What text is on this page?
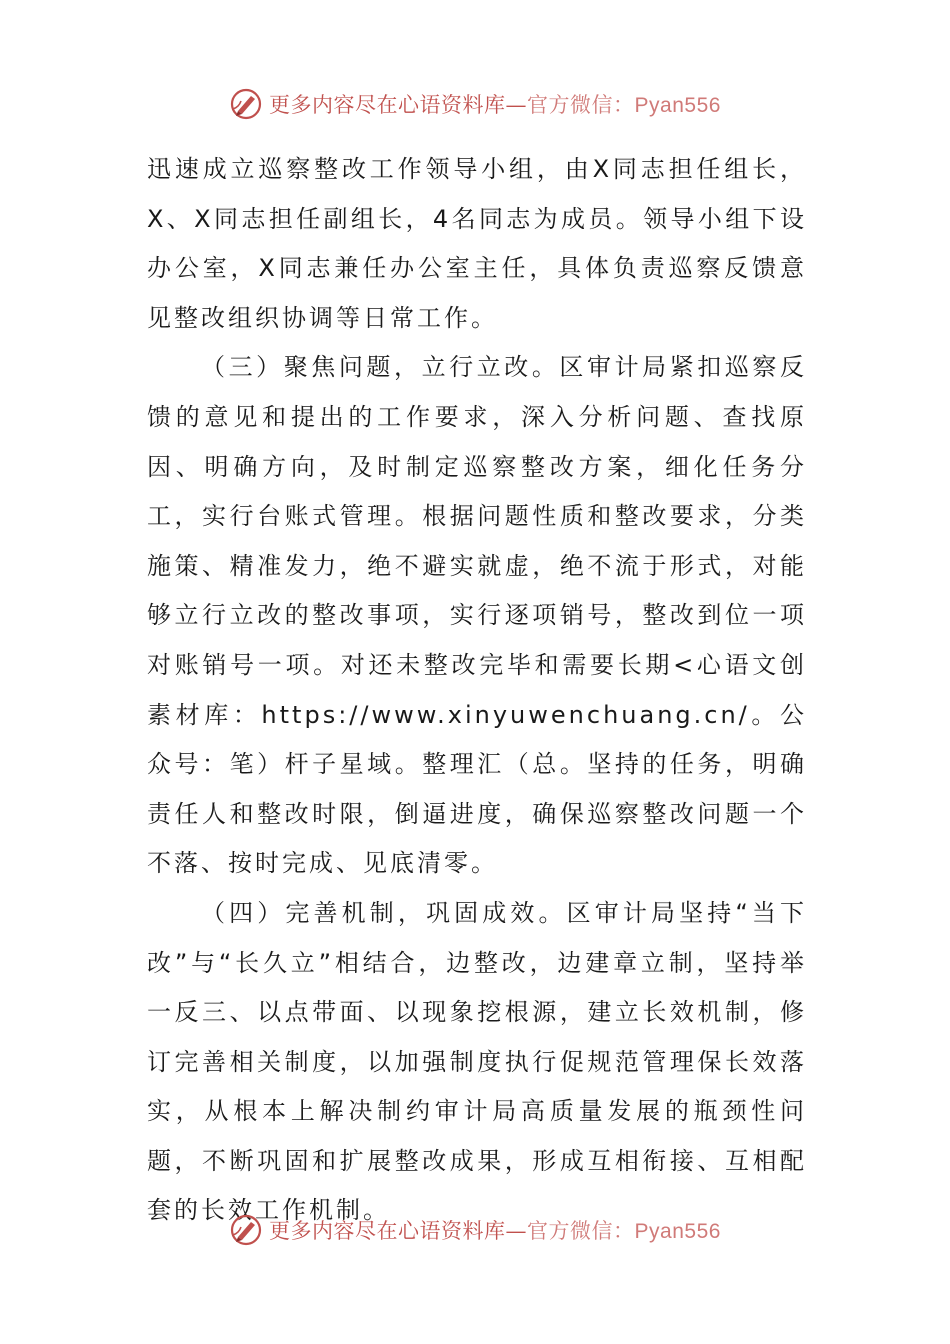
更多内容尽在心语资料库—官方微信：Pyan556

迅速成立巡察整改工作领导小组，由X同志担任组长，X、X同志担任副组长，4名同志为成员。领导小组下设办公室，X同志兼任办公室主任，具体负责巡察反馈意见整改组织协调等日常工作。

（三）聚焦问题，立行立改。区审计局紧扣巡察反馈的意见和提出的工作要求，深入分析问题、查找原因、明确方向，及时制定巡察整改方案，细化任务分工，实行台账式管理。根据问题性质和整改要求，分类施策、精准发力，绝不避实就虚，绝不流于形式，对能够立行立改的整改事项，实行逐项销号，整改到位一项对账销号一项。对还未整改完毕和需要长期<心语文创素材库：https://www.xinyuwenchuang.cn/。公众号：笔）杆子星域。整理汇（总。坚持的任务，明确责任人和整改时限，倒逼进度，确保巡察整改问题一个不落、按时完成、见底清零。

（四）完善机制，巩固成效。区审计局坚持“当下改”与“长久立”相结合，边整改，边建章立制，坚持举一反三、以点带面、以现象挖根源，建立长效机制，修订完善相关制度，以加强制度执行促规范管理保长效落实，从根本上解决制约审计局高质量发展的瓶颈性问题，不断巩固和扩展整改成果，形成互相衔接、互相配套的长效工作机制。

更多内容尽在心语资料库—官方微信：Pyan556
